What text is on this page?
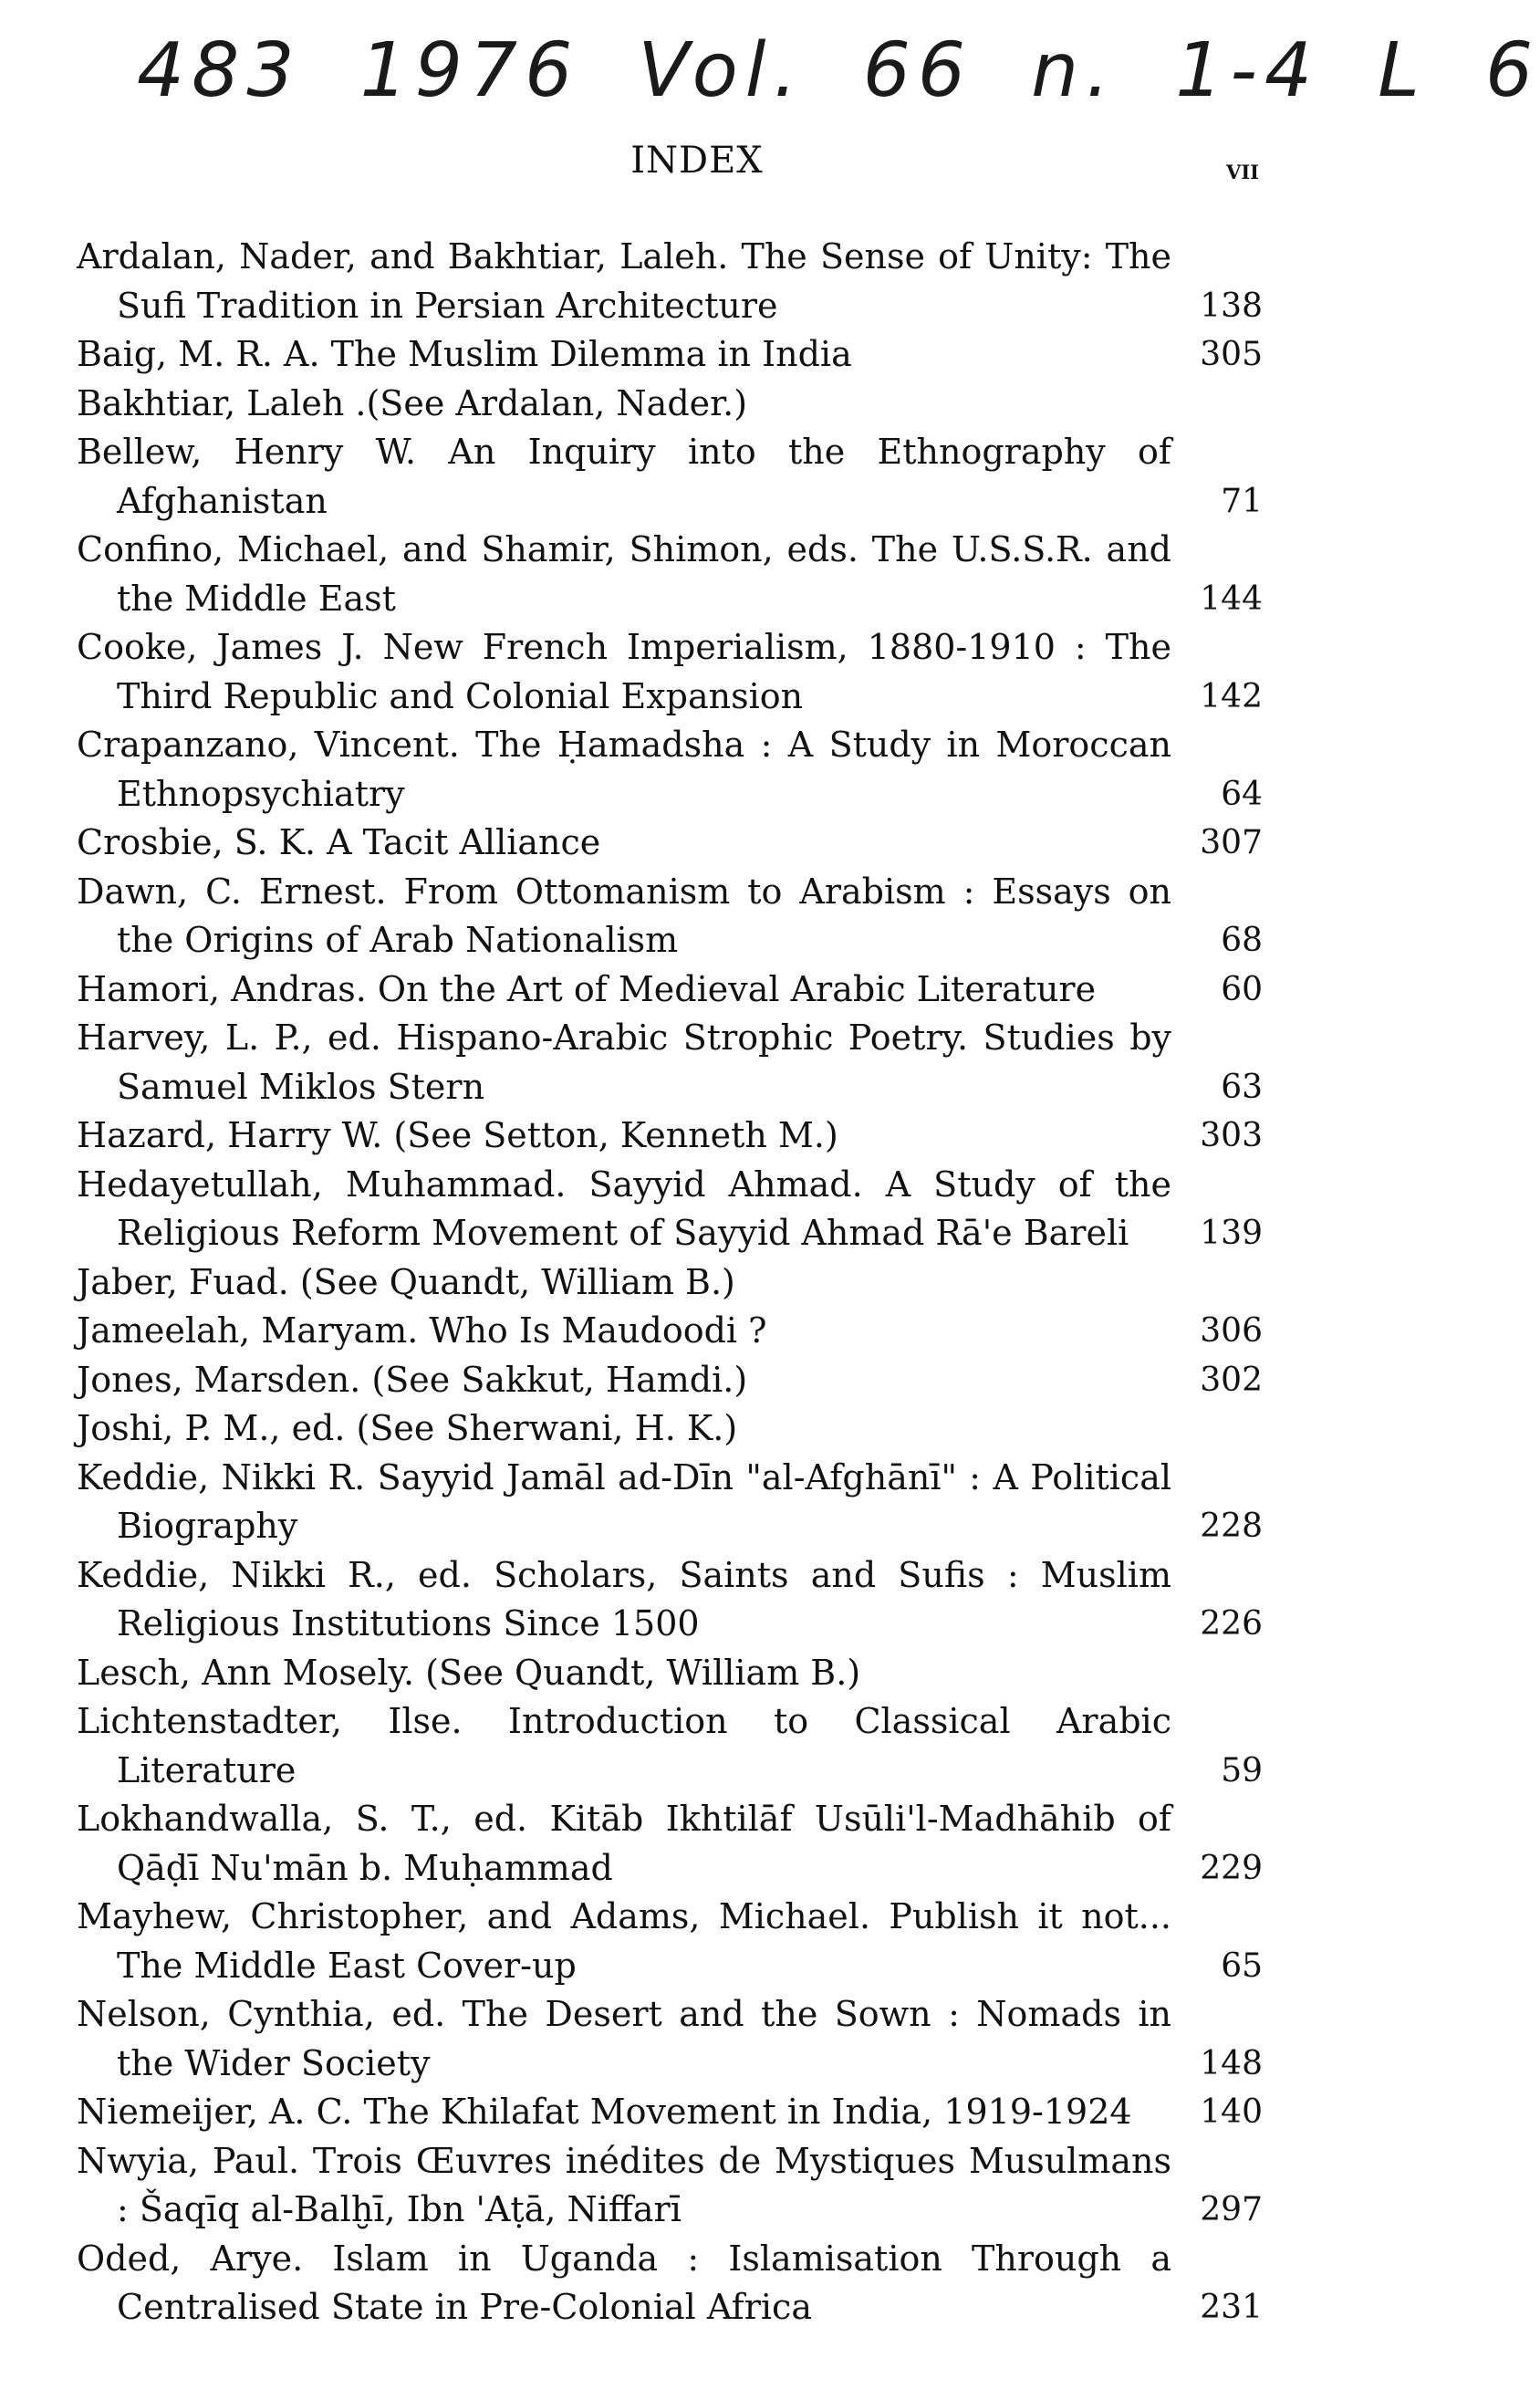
483 1976 Vol. 66 n. 1-4 L 6
INDEX	vii
Ardalan, Nader, and Bakhtiar, Laleh. The Sense of Unity: The Sufi Tradition in Persian Architecture	138
Baig, M. R. A. The Muslim Dilemma in India	305
Bakhtiar, Laleh .(See Ardalan, Nader.)
Bellew, Henry W. An Inquiry into the Ethnography of Afghanistan	71
Confino, Michael, and Shamir, Shimon, eds. The U.S.S.R. and the Middle East	144
Cooke, James J. New French Imperialism, 1880-1910 : The Third Republic and Colonial Expansion	142
Crapanzano, Vincent. The Ḥamadsha : A Study in Moroccan Ethnopsychiatry	64
Crosbie, S. K. A Tacit Alliance	307
Dawn, C. Ernest. From Ottomanism to Arabism : Essays on the Origins of Arab Nationalism	68
Hamori, Andras. On the Art of Medieval Arabic Literature	60
Harvey, L. P., ed. Hispano-Arabic Strophic Poetry. Studies by Samuel Miklos Stern	63
Hazard, Harry W. (See Setton, Kenneth M.)	303
Hedayetullah, Muhammad. Sayyid Ahmad. A Study of the Religious Reform Movement of Sayyid Ahmad Rā'e Bareli	139
Jaber, Fuad. (See Quandt, William B.)
Jameelah, Maryam. Who Is Maudoodi ?	306
Jones, Marsden. (See Sakkut, Hamdi.)	302
Joshi, P. M., ed. (See Sherwani, H. K.)
Keddie, Nikki R. Sayyid Jamāl ad-Dīn "al-Afghānī" : A Political Biography	228
Keddie, Nikki R., ed. Scholars, Saints and Sufis : Muslim Religious Institutions Since 1500	226
Lesch, Ann Mosely. (See Quandt, William B.)
Lichtenstadter, Ilse. Introduction to Classical Arabic Literature	59
Lokhandwalla, S. T., ed. Kitāb Ikhtilāf Usūli'l-Madhāhib of Qāḍī Nu'mān b. Muḥammad	229
Mayhew, Christopher, and Adams, Michael. Publish it not... The Middle East Cover-up	65
Nelson, Cynthia, ed. The Desert and the Sown : Nomads in the Wider Society	148
Niemeijer, A. C. The Khilafat Movement in India, 1919-1924	140
Nwyia, Paul. Trois Œuvres inédites de Mystiques Musulmans : Šaqīq al-Balḫī, Ibn 'Aṭā, Niffarī	297
Oded, Arye. Islam in Uganda : Islamisation Through a Centralised State in Pre-Colonial Africa	231
